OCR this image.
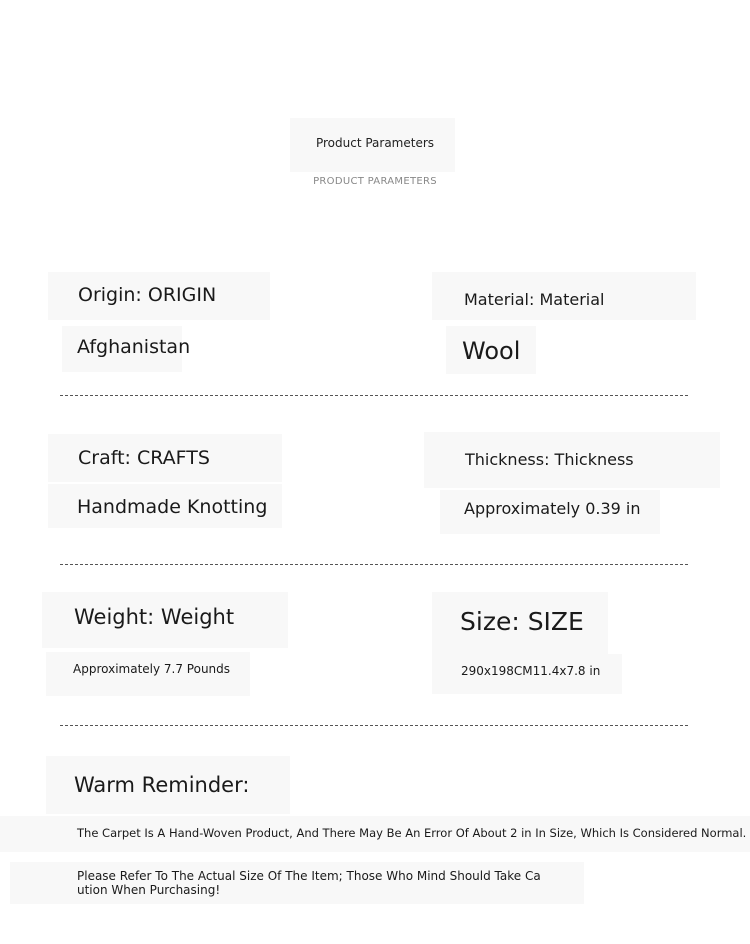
Product Parameters
PRODUCT PARAMETERS
Origin: ORIGIN
Afghanistan
Material: Material
Wool
Craft: CRAFTS
Handmade Knotting
Thickness: Thickness
Approximately 0.39 in
Weight: Weight
Approximately 7.7 Pounds
Size: SIZE
290x198CM11.4x7.8 in
Warm Reminder:
The Carpet Is A Hand-Woven Product, And There May Be An Error Of About 2 in In Size, Which Is Considered Normal.
Please Refer To The Actual Size Of The Item; Those Who Mind Should Take Ca
ution When Purchasing!
